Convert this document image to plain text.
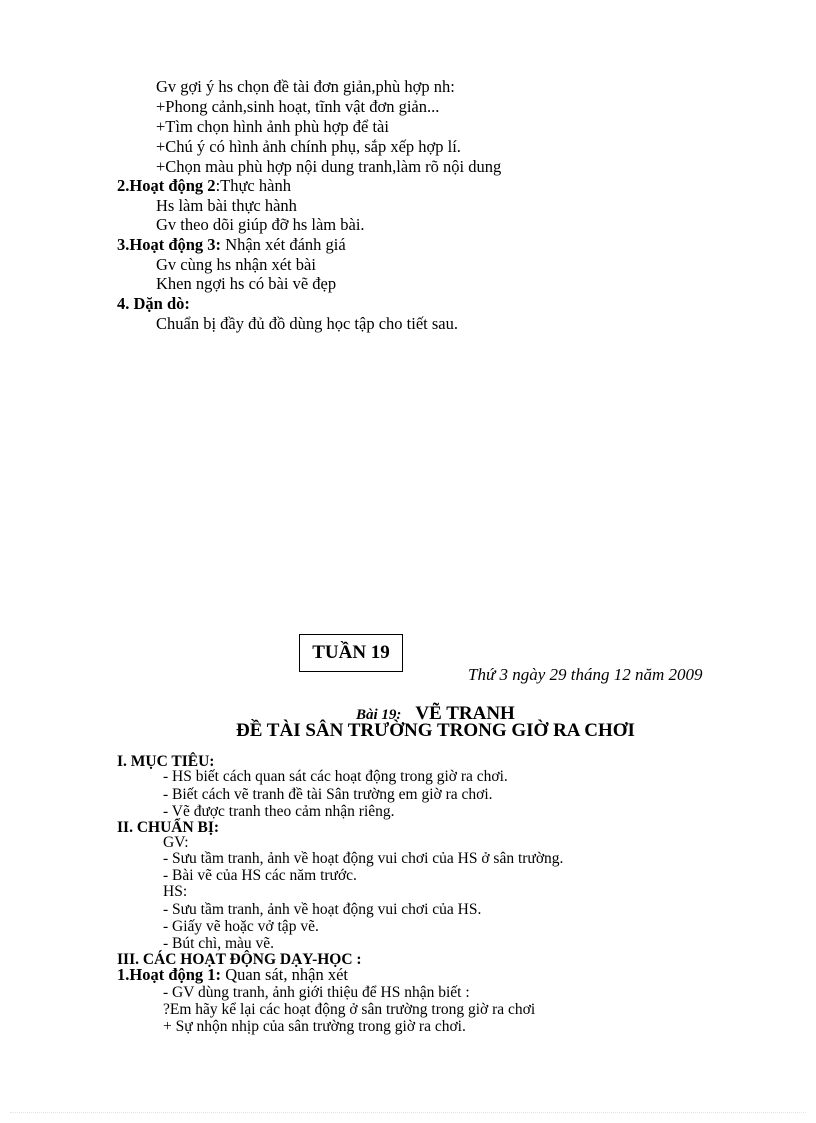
Gv gợi ý hs chọn đề tài đơn giản,phù hợp nh:
+Phong cảnh,sinh hoạt, tĩnh vật đơn giản...
+Tìm chọn hình ảnh phù hợp để tài
+Chú ý có hình ảnh chính phụ, sắp xếp hợp lí.
+Chọn màu phù hợp nội dung tranh,làm rõ nội dung
2.Hoạt động 2:Thực hành
Hs làm bài thực hành
Gv theo dõi giúp đỡ hs làm bài.
3.Hoạt động 3: Nhận xét đánh giá
Gv cùng hs nhận xét bài
Khen ngợi hs có bài vẽ đẹp
4. Dặn dò:
Chuẩn bị đầy đủ đồ dùng học tập cho tiết sau.
TUẦN 19
Thứ 3 ngày 29 tháng 12 năm 2009
Bài 19: VẼ TRANH
ĐỀ TÀI SÂN TRƯỜNG TRONG GIỜ RA CHƠI
I. MỤC TIÊU:
- HS biết cách quan sát các hoạt động trong giờ ra chơi.
- Biết cách vẽ tranh đề tài Sân trường em giờ ra chơi.
- Vẽ được tranh theo cảm nhận riêng.
II. CHUẨN BỊ:
GV:
- Sưu tầm tranh, ảnh về hoạt động vui chơi của HS ở sân trường.
- Bài vẽ của HS các năm trước.
HS:
- Sưu tầm tranh, ảnh về hoạt động vui chơi của HS.
- Giấy vẽ hoặc vở tập vẽ.
- Bút chì, màu vẽ.
III. CÁC HOẠT ĐỘNG DẠY-HỌC :
1.Hoạt động 1: Quan sát, nhận xét
- GV dùng tranh, ảnh giới thiệu để HS nhận biết :
?Em hãy kể lại các hoạt động ở sân trường trong giờ ra chơi
+ Sự nhộn nhịp của sân trường trong giờ ra chơi.
